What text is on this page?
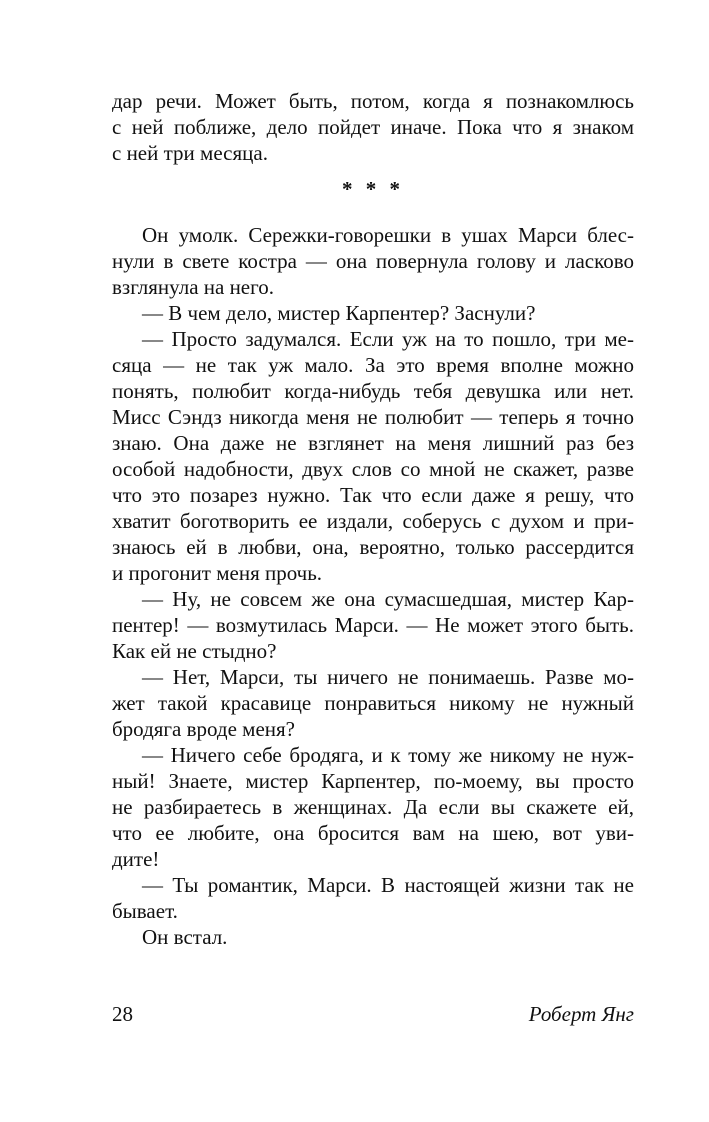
дар речи. Может быть, потом, когда я познакомлюсь
с ней поближе, дело пойдет иначе. Пока что я знаком
с ней три месяца.
* * *
Он умолк. Сережки-говорешки в ушах Марси блес-
нули в свете костра — она повернула голову и ласково
взглянула на него.
— В чем дело, мистер Карпентер? Заснули?
— Просто задумался. Если уж на то пошло, три ме-
сяца — не так уж мало. За это время вполне можно
понять, полюбит когда-нибудь тебя девушка или нет.
Мисс Сэндз никогда меня не полюбит — теперь я точно
знаю. Она даже не взглянет на меня лишний раз без
особой надобности, двух слов со мной не скажет, разве
что это позарез нужно. Так что если даже я решу, что
хватит боготворить ее издали, соберусь с духом и при-
знаюсь ей в любви, она, вероятно, только рассердится
и прогонит меня прочь.
— Ну, не совсем же она сумасшедшая, мистер Кар-
пентер! — возмутилась Марси. — Не может этого быть.
Как ей не стыдно?
— Нет, Марси, ты ничего не понимаешь. Разве мо-
жет такой красавице понравиться никому не нужный
бродяга вроде меня?
— Ничего себе бродяга, и к тому же никому не нуж-
ный! Знаете, мистер Карпентер, по-моему, вы просто
не разбираетесь в женщинах. Да если вы скажете ей,
что ее любите, она бросится вам на шею, вот уви-
дите!
— Ты романтик, Марси. В настоящей жизни так не
бывает.
Он встал.
28	Роберт Янг
